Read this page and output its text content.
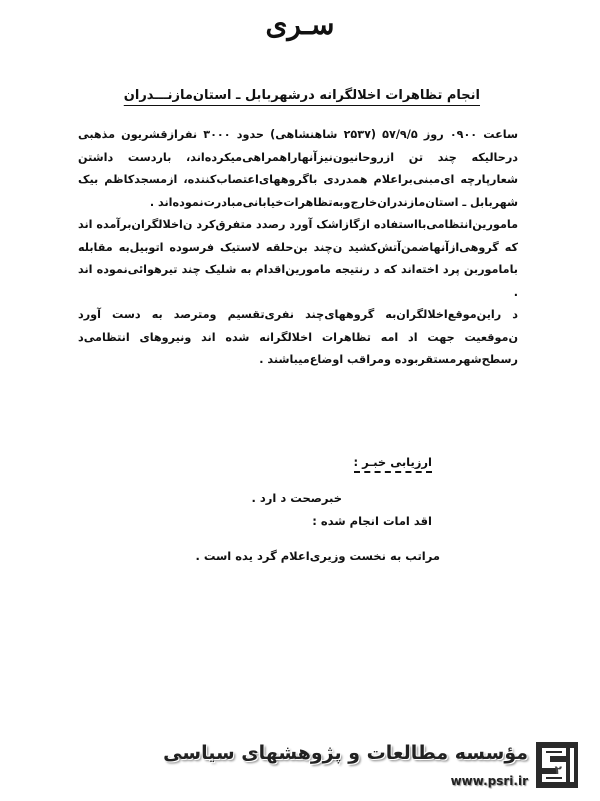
سـری
انجام تظاهرات اخلالگرانه درشهربابل ـ استان‌مازنـــدران

ساعت ۰۹۰۰ روز ۵۷/۹/۵ (۲۵۳۷ شاهنشاهی) حدود ۳۰۰۰ نفرازقشریون مذهبی درحالیکه چند تن ازروحانیون‌نیزآنهاراهمراهی‌میکرده‌اند، باردست داشتن شعارپارچه ای‌مبنی‌براعلام همدردی باگروههای‌اعتصاب‌کننده، ازمسجدکاظم بیک شهربابل ـ استان‌مازندران‌خارج‌وبه‌تظاهرات‌خیابانی‌مبادرت‌نموده‌اند .

مامورین‌انتظامی‌بااستفاده ازگازاشک آورد رصدد متفرق‌کرد ن‌اخلالگران‌برآمده اند که گروهی‌ازآنهاضمن‌آتش‌کشید ن‌چند بن‌حلقه لاستیک فرسوده اتوبیل‌به مقابله باماموربن پرد اخته‌اند که د رنتیجه مامورین‌اقدام به شلیک چند تیرهوائی‌نموده اند .

د راین‌موقع‌اخلالگران‌به گروههای‌چند نفری‌تقسیم ومترصد به دست آورد ن‌موقعیت جهت اد امه تظاهرات اخلالگرانه شده اند ونیروهای انتظامی‌د رسطح‌شهرمستقربوده ومراقب اوضاع‌میباشند .

ارزیابی خبـر :
خبرصحت د ارد .
اقد امات انجام شده :
مراتب به نخست وزیری‌اعلام گرد یده است .
مؤسسه مطالعات و پژوهشهای سیاسی
www.psri.ir
۲
